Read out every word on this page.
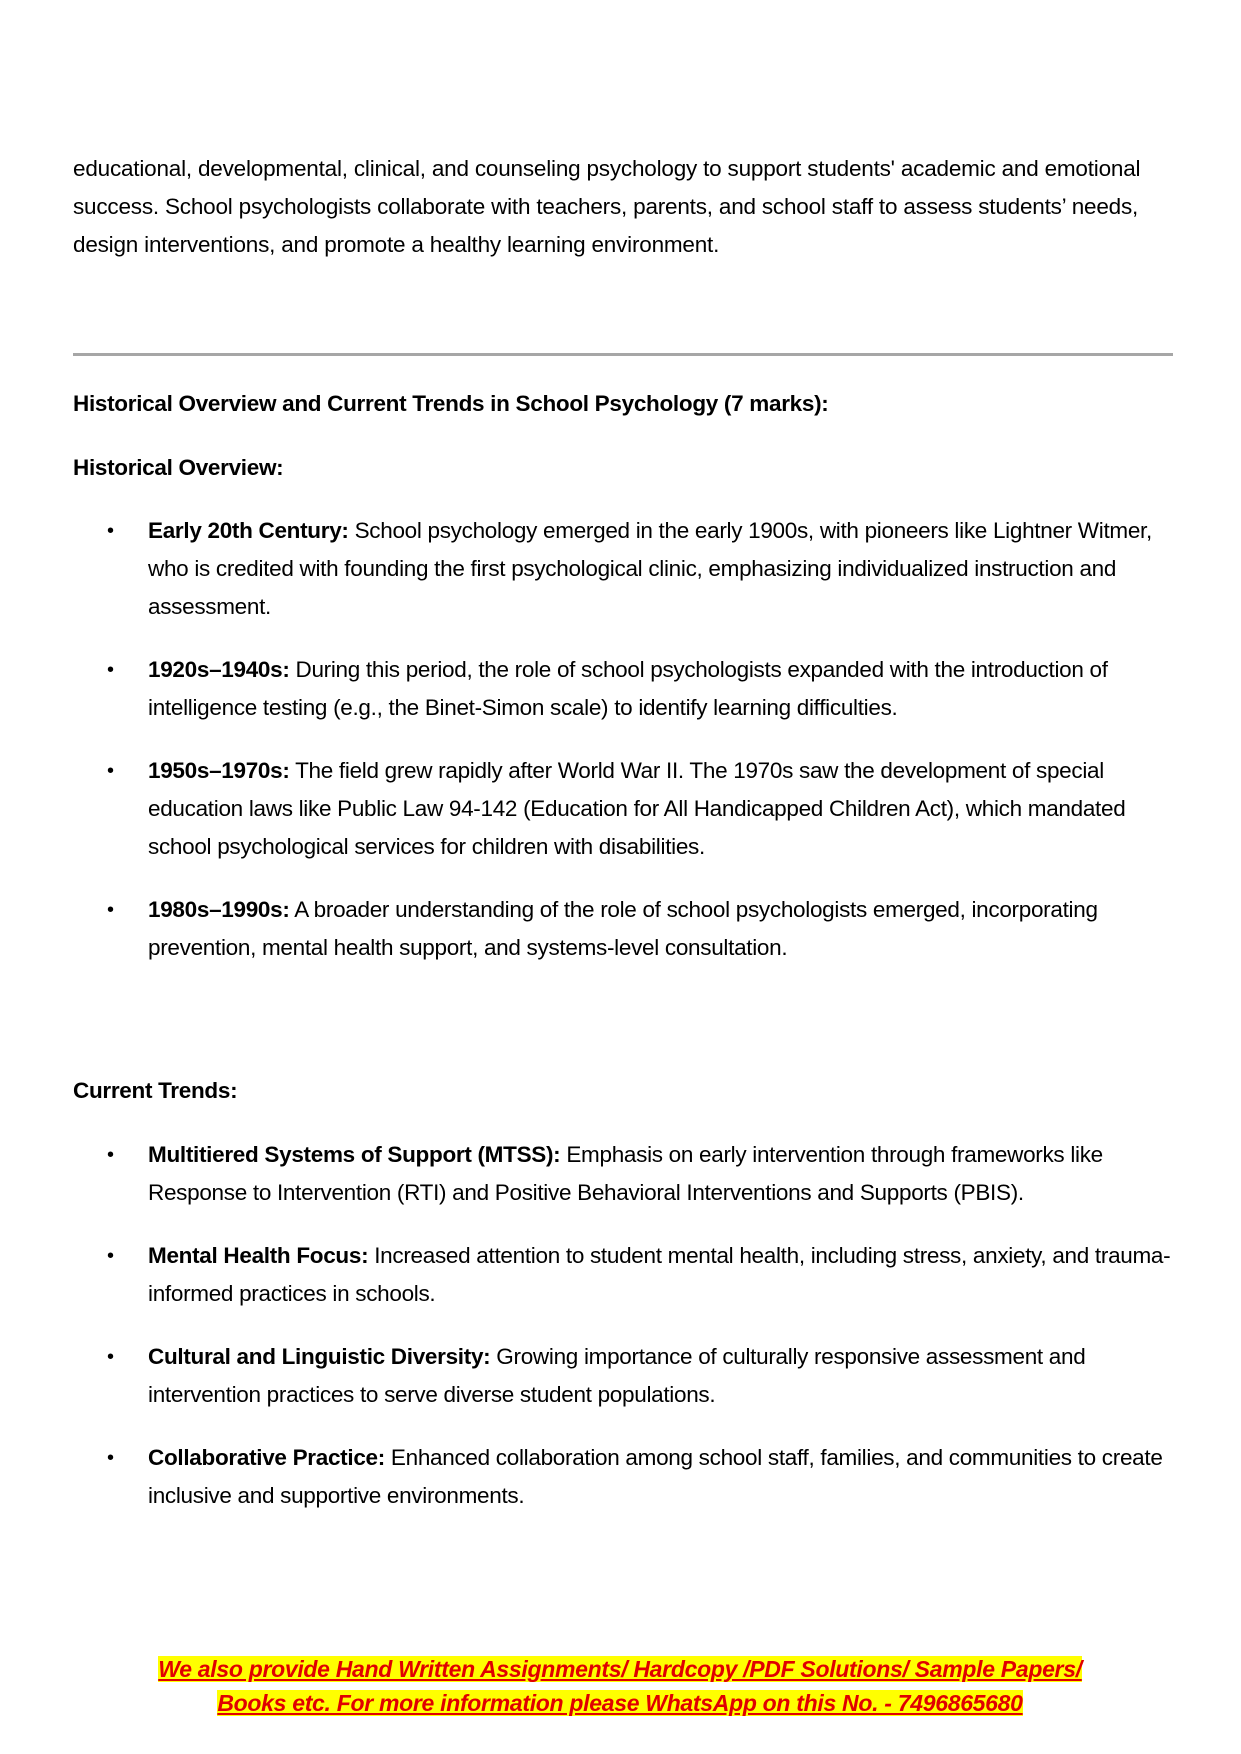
educational, developmental, clinical, and counseling psychology to support students' academic and emotional success. School psychologists collaborate with teachers, parents, and school staff to assess students’ needs, design interventions, and promote a healthy learning environment.

Historical Overview and Current Trends in School Psychology (7 marks):

Historical Overview:

• Early 20th Century: School psychology emerged in the early 1900s, with pioneers like Lightner Witmer, who is credited with founding the first psychological clinic, emphasizing individualized instruction and assessment.
• 1920s–1940s: During this period, the role of school psychologists expanded with the introduction of intelligence testing (e.g., the Binet-Simon scale) to identify learning difficulties.
• 1950s–1970s: The field grew rapidly after World War II. The 1970s saw the development of special education laws like Public Law 94-142 (Education for All Handicapped Children Act), which mandated school psychological services for children with disabilities.
• 1980s–1990s: A broader understanding of the role of school psychologists emerged, incorporating prevention, mental health support, and systems-level consultation.

Current Trends:

• Multitiered Systems of Support (MTSS): Emphasis on early intervention through frameworks like Response to Intervention (RTI) and Positive Behavioral Interventions and Supports (PBIS).
• Mental Health Focus: Increased attention to student mental health, including stress, anxiety, and trauma-informed practices in schools.
• Cultural and Linguistic Diversity: Growing importance of culturally responsive assessment and intervention practices to serve diverse student populations.
• Collaborative Practice: Enhanced collaboration among school staff, families, and communities to create inclusive and supportive environments.
We also provide Hand Written Assignments/ Hardcopy /PDF Solutions/ Sample Papers/
Books etc. For more information please WhatsApp on this No. - 7496865680
